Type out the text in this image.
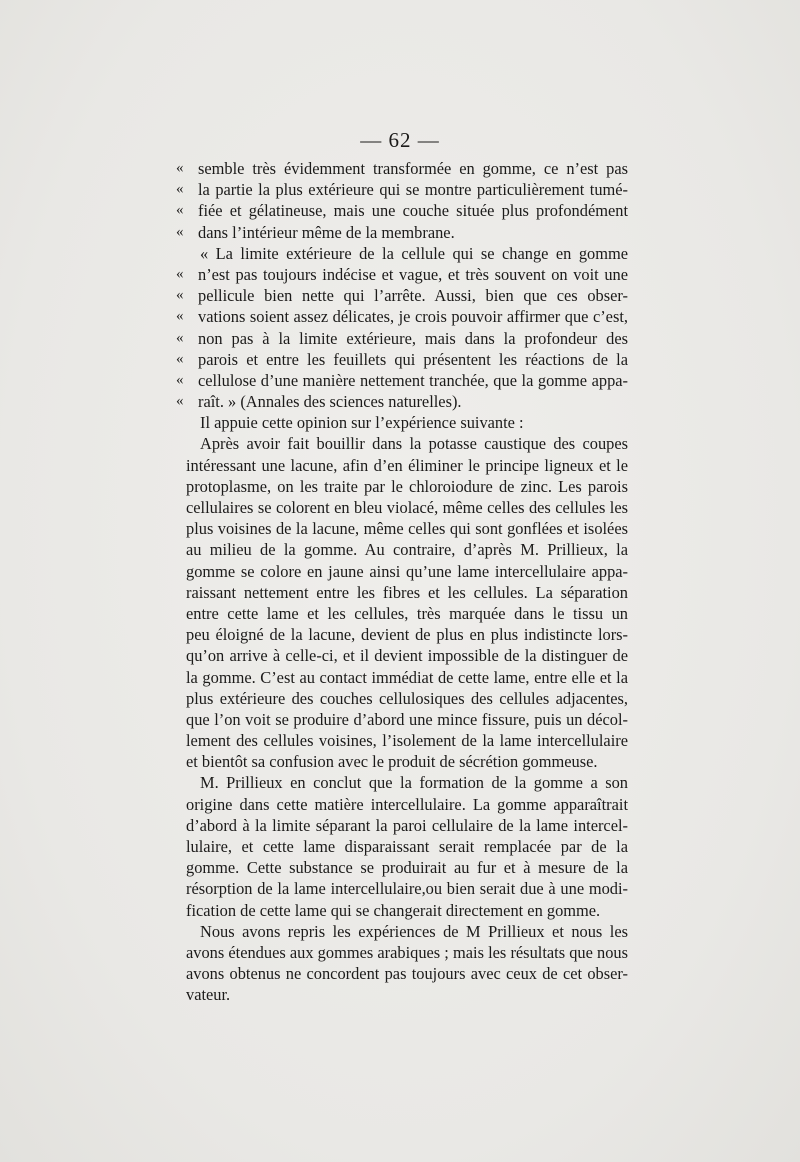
— 62 —
« semble très évidemment transformée en gomme, ce n’est pas
« la partie la plus extérieure qui se montre particulièrement tumé-
« fiée et gélatineuse, mais une couche située plus profondément
« dans l’intérieur même de la membrane.
« La limite extérieure de la cellule qui se change en gomme
« n’est pas toujours indécise et vague, et très souvent on voit une
« pellicule bien nette qui l’arrête. Aussi, bien que ces obser-
« vations soient assez délicates, je crois pouvoir affirmer que c’est,
« non pas à la limite extérieure, mais dans la profondeur des
« parois et entre les feuillets qui présentent les réactions de la
« cellulose d’une manière nettement tranchée, que la gomme appa-
« raît. » (Annales des sciences naturelles).
Il appuie cette opinion sur l’expérience suivante :
Après avoir fait bouillir dans la potasse caustique des coupes
intéressant une lacune, afin d’en éliminer le principe ligneux et le
protoplasme, on les traite par le chloroiodure de zinc. Les parois
cellulaires se colorent en bleu violacé, même celles des cellules les
plus voisines de la lacune, même celles qui sont gonflées et isolées
au milieu de la gomme. Au contraire, d’après M. Prillieux, la
gomme se colore en jaune ainsi qu’une lame intercellulaire appa-
raissant nettement entre les fibres et les cellules. La séparation
entre cette lame et les cellules, très marquée dans le tissu un
peu éloigné de la lacune, devient de plus en plus indistincte lors-
qu’on arrive à celle-ci, et il devient impossible de la distinguer de
la gomme. C’est au contact immédiat de cette lame, entre elle et la
plus extérieure des couches cellulosiques des cellules adjacentes,
que l’on voit se produire d’abord une mince fissure, puis un décol-
lement des cellules voisines, l’isolement de la lame intercellulaire
et bientôt sa confusion avec le produit de sécrétion gommeuse.
M. Prillieux en conclut que la formation de la gomme a son
origine dans cette matière intercellulaire. La gomme apparaîtrait
d’abord à la limite séparant la paroi cellulaire de la lame intercel-
lulaire, et cette lame disparaissant serait remplacée par de la
gomme. Cette substance se produirait au fur et à mesure de la
résorption de la lame intercellulaire,ou bien serait due à une modi-
fication de cette lame qui se changerait directement en gomme.
Nous avons repris les expériences de M Prillieux et nous les
avons étendues aux gommes arabiques ; mais les résultats que nous
avons obtenus ne concordent pas toujours avec ceux de cet obser-
vateur.
